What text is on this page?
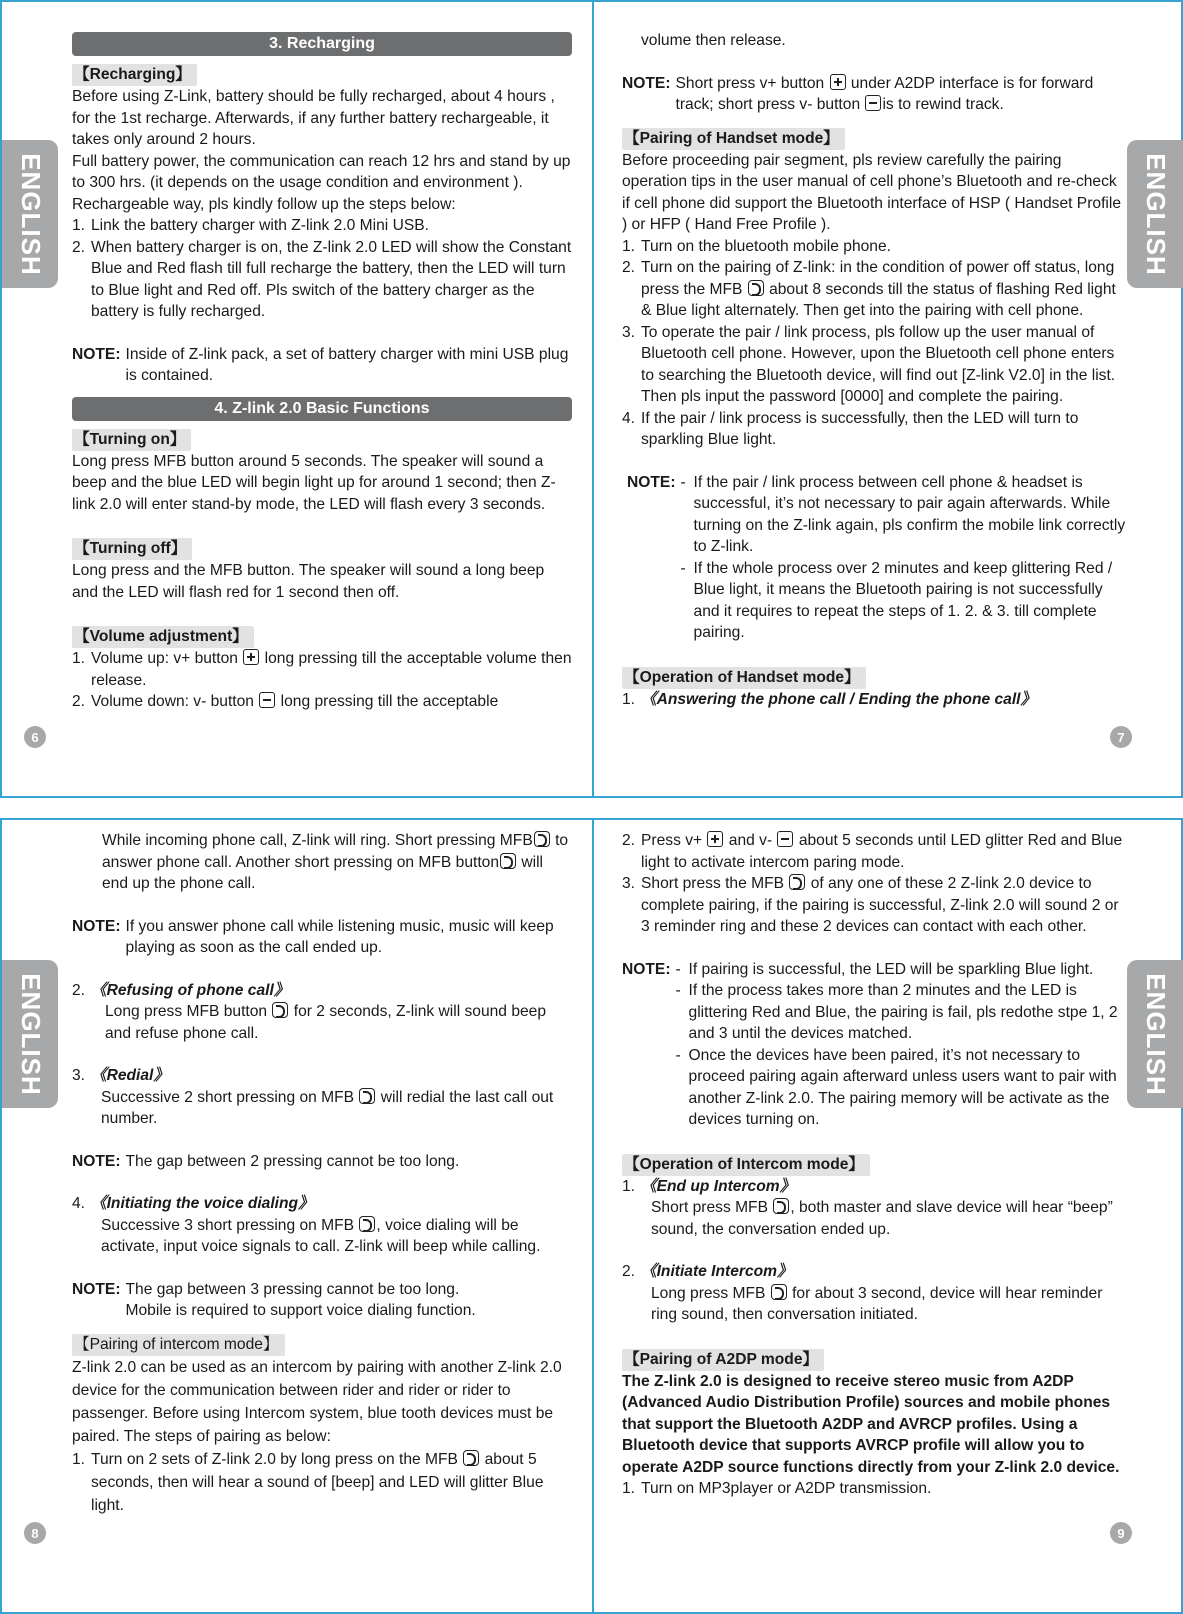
ENGLISH
3. Recharging
【Recharging】

Before using Z-Link, battery should be fully recharged, about 4 hours , for the 1st recharge. Afterwards, if any further battery rechargeable, it takes only around 2 hours.

Full battery power, the communication can reach 12 hrs and stand by up to 300 hrs. (it depends on the usage condition and environment ).

Rechargeable way, pls kindly follow up the steps below:

1. Link the battery charger with Z-link 2.0 Mini USB.
2. When battery charger is on, the Z-link 2.0 LED will show the Constant Blue and Red flash till full recharge the battery, then the LED will turn to Blue light and Red off. Pls switch of the battery charger as the battery is fully recharged.
NOTE: Inside of Z-link pack, a set of battery charger with mini USB plug is contained.
4. Z-link 2.0 Basic Functions
【Turning on】

Long press MFB button around 5 seconds. The speaker will sound a beep and the blue LED will begin light up for around 1 second; then Z-link 2.0 will enter stand-by mode, the LED will flash every 3 seconds.

【Turning off】

Long press and the MFB button. The speaker will sound a long beep and the LED will flash red for 1 second then off.

【Volume adjustment】
1. Volume up: v+ button long pressing till the acceptable volume then release.
2. Volume down: v- button long pressing till the acceptable
6
ENGLISH

volume then release.

NOTE: Short press v+ button under A2DP interface is for forward track; short press v- button is to rewind track.
【Pairing of Handset mode】

Before proceeding pair segment, pls review carefully the pairing operation tips in the user manual of cell phone’s Bluetooth and re-check if cell phone did support the Bluetooth interface of HSP ( Handset Profile ) or HFP ( Hand Free Profile ).

1. Turn on the bluetooth mobile phone.
2. Turn on the pairing of Z-link: in the condition of power off status, long press the MFB about 8 seconds till the status of flashing Red light & Blue light alternately. Then get into the pairing with cell phone.
3. To operate the pair / link process, pls follow up the user manual of Bluetooth cell phone. However, upon the Bluetooth cell phone enters to searching the Bluetooth device, will find out [Z-link V2.0] in the list. Then pls input the password [0000] and complete the pairing.
4. If the pair / link process is successfully, then the LED will turn to sparkling Blue light.
NOTE: - If the pair / link process between cell phone & headset is successful, it’s not necessary to pair again afterwards. While turning on the Z-link again, pls confirm the mobile link correctly to Z-link.
- If the whole process over 2 minutes and keep glittering Red / Blue light, it means the Bluetooth pairing is not successfully and it requires to repeat the steps of 1. 2. & 3. till complete pairing.
【Operation of Handset mode】
1. 《Answering the phone call / Ending the phone call》
7
ENGLISH

While incoming phone call, Z-link will ring. Short pressing MFB to answer phone call. Another short pressing on MFB button will end up the phone call.

NOTE: If you answer phone call while listening music, music will keep playing as soon as the call ended up.
2. 《Refusing of phone call》
Long press MFB button for 2 seconds, Z-link will sound beep and refuse phone call.
3. 《Redial》
Successive 2 short pressing on MFB will redial the last call out number.
NOTE: The gap between 2 pressing cannot be too long.
4. 《Initiating the voice dialing》
Successive 3 short pressing on MFB , voice dialing will be activate, input voice signals to call. Z-link will beep while calling.
NOTE: The gap between 3 pressing cannot be too long.
Mobile is required to support voice dialing function.
【Pairing of intercom mode】

Z-link 2.0 can be used as an intercom by pairing with another Z-link 2.0 device for the communication between rider and rider or rider to passenger. Before using Intercom system, blue tooth devices must be paired. The steps of pairing as below:

1. Turn on 2 sets of Z-link 2.0 by long press on the MFB about 5 seconds, then will hear a sound of [beep] and LED will glitter Blue light.
8
ENGLISH
2. Press v+ and v- about 5 seconds until LED glitter Red and Blue light to activate intercom paring mode.
3. Short press the MFB of any one of these 2 Z-link 2.0 device to complete pairing, if the pairing is successful, Z-link 2.0 will sound 2 or 3 reminder ring and these 2 devices can contact with each other.
NOTE: - If pairing is successful, the LED will be sparkling Blue light.
- If the process takes more than 2 minutes and the LED is glittering Red and Blue, the pairing is fail, pls redothe stpe 1, 2 and 3 until the devices matched.
- Once the devices have been paired, it’s not necessary to proceed pairing again afterward unless users want to pair with another Z-link 2.0. The pairing memory will be activate as the devices turning on.
【Operation of Intercom mode】
1. 《End up Intercom》
Short press MFB , both master and slave device will hear “beep” sound, the conversation ended up.
2. 《Initiate Intercom》
Long press MFB for about 3 second, device will hear reminder ring sound, then conversation initiated.
【Pairing of A2DP mode】

The Z-link 2.0 is designed to receive stereo music from A2DP (Advanced Audio Distribution Profile) sources and mobile phones that support the Bluetooth A2DP and AVRCP profiles. Using a Bluetooth device that supports AVRCP profile will allow you to operate A2DP source functions directly from your Z-link 2.0 device.

1. Turn on MP3player or A2DP transmission.
9
